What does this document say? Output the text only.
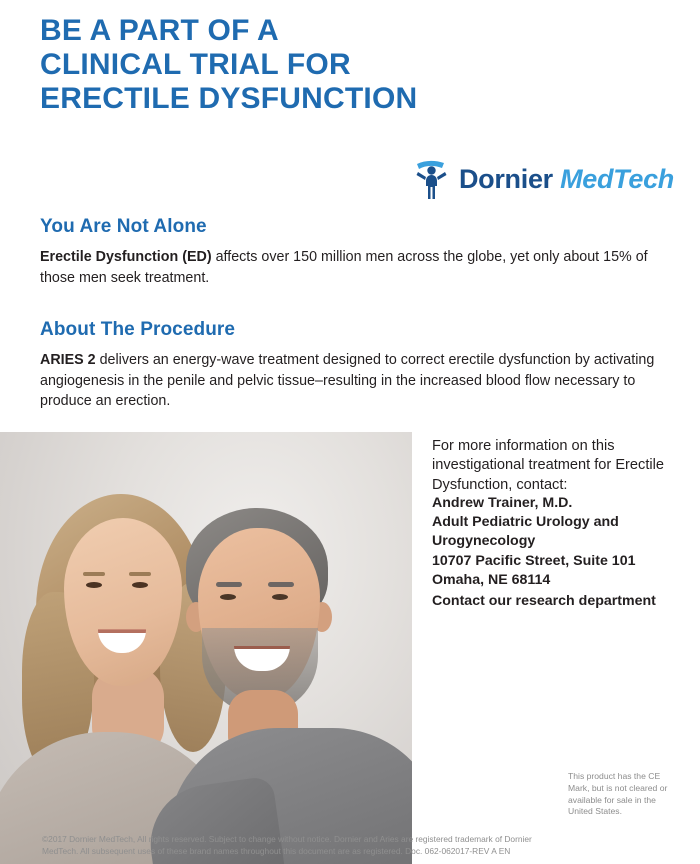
BE A PART OF A
CLINICAL TRIAL FOR
ERECTILE DYSFUNCTION
Dornier MedTech
You Are Not Alone
Erectile Dysfunction (ED) affects over 150 million men across the globe, yet only about 15% of those men seek treatment.
About The Procedure
ARIES 2 delivers an energy-wave treatment designed to correct erectile dysfunction by activating angiogenesis in the penile and pelvic tissue–resulting in the increased blood flow necessary to produce an erection.
For more information on this investigational treatment for Erectile Dysfunction, contact:
Andrew Trainer, M.D.
Adult Pediatric Urology and
Urogynecology
10707 Pacific Street, Suite 101
Omaha, NE 68114
Contact our research department
This product has the CE Mark, but is not cleared or available for sale in the United States.
©2017 Dornier MedTech, All rights reserved. Subject to change without notice. Dornier and Aries are registered trademark of Dornier
MedTech. All subsequent uses of these brand names throughout this document are as registered. Doc. 062-062017-REV A EN
